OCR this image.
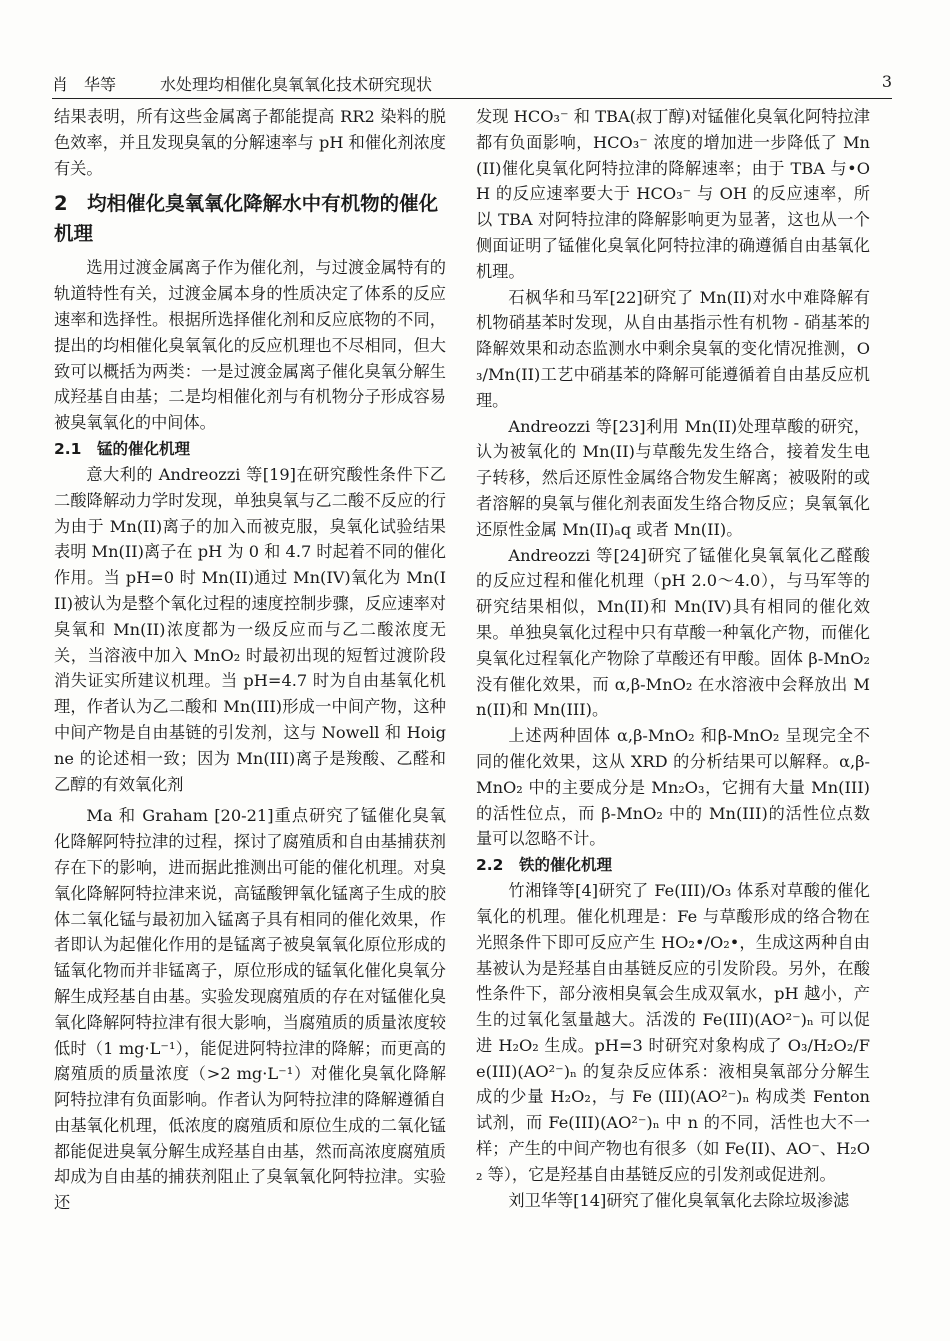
肖　华等	水处理均相催化臭氧氧化技术研究现状	3

结果表明，所有这些金属离子都能提高 RR2 染料的脱色效率，并且发现臭氧的分解速率与 pH 和催化剂浓度有关。

2　均相催化臭氧氧化降解水中有机物的催化机理

选用过渡金属离子作为催化剂，与过渡金属特有的轨道特性有关，过渡金属本身的性质决定了体系的反应速率和选择性。根据所选择催化剂和反应底物的不同，提出的均相催化臭氧氧化的反应机理也不尽相同，但大致可以概括为两类：一是过渡金属离子催化臭氧分解生成羟基自由基；二是均相催化剂与有机物分子形成容易被臭氧氧化的中间体。

2.1　锰的催化机理

意大利的 Andreozzi 等[19]在研究酸性条件下乙二酸降解动力学时发现，单独臭氧与乙二酸不反应的行为由于 Mn(II)离子的加入而被克服，臭氧化试验结果表明 Mn(II)离子在 pH 为 0 和 4.7 时起着不同的催化作用。当 pH=0 时 Mn(II)通过 Mn(IV)氧化为 Mn(III)被认为是整个氧化过程的速度控制步骤，反应速率对臭氧和 Mn(II)浓度都为一级反应而与乙二酸浓度无关，当溶液中加入 MnO₂ 时最初出现的短暂过渡阶段消失证实所建议机理。当 pH=4.7 时为自由基氧化机理，作者认为乙二酸和 Mn(III)形成一中间产物，这种中间产物是自由基链的引发剂，这与 Nowell 和 Hoigne 的论述相一致；因为 Mn(III)离子是羧酸、乙醛和乙醇的有效氧化剂

Ma 和 Graham [20-21]重点研究了锰催化臭氧化降解阿特拉津的过程，探讨了腐殖质和自由基捕获剂存在下的影响，进而据此推测出可能的催化机理。对臭氧化降解阿特拉津来说，高锰酸钾氧化锰离子生成的胶体二氧化锰与最初加入锰离子具有相同的催化效果，作者即认为起催化作用的是锰离子被臭氧氧化原位形成的锰氧化物而并非锰离子，原位形成的锰氧化催化臭氧分解生成羟基自由基。实验发现腐殖质的存在对锰催化臭氧化降解阿特拉津有很大影响，当腐殖质的质量浓度较低时（1 mg·L⁻¹），能促进阿特拉津的降解；而更高的腐殖质的质量浓度（>2 mg·L⁻¹）对催化臭氧化降解阿特拉津有负面影响。作者认为阿特拉津的降解遵循自由基氧化机理，低浓度的腐殖质和原位生成的二氧化锰都能促进臭氧分解生成羟基自由基，然而高浓度腐殖质却成为自由基的捕获剂阻止了臭氧氧化阿特拉津。实验还

发现 HCO₃⁻ 和 TBA(叔丁醇)对锰催化臭氧化阿特拉津都有负面影响，HCO₃⁻ 浓度的增加进一步降低了 Mn(II)催化臭氧化阿特拉津的降解速率；由于 TBA 与•OH 的反应速率要大于 HCO₃⁻ 与 OH 的反应速率，所以 TBA 对阿特拉津的降解影响更为显著，这也从一个侧面证明了锰催化臭氧化阿特拉津的确遵循自由基氧化机理。

石枫华和马军[22]研究了 Mn(II)对水中难降解有机物硝基苯时发现，从自由基指示性有机物 - 硝基苯的降解效果和动态监测水中剩余臭氧的变化情况推测，O₃/Mn(II)工艺中硝基苯的降解可能遵循着自由基反应机理。

Andreozzi 等[23]利用 Mn(II)处理草酸的研究，认为被氧化的 Mn(II)与草酸先发生络合，接着发生电子转移，然后还原性金属络合物发生解离；被吸附的或者溶解的臭氧与催化剂表面发生络合物反应；臭氧氧化还原性金属 Mn(II)ₐq 或者 Mn(II)。

Andreozzi 等[24]研究了锰催化臭氧氧化乙醛酸的反应过程和催化机理（pH 2.0～4.0），与马军等的研究结果相似，Mn(II)和 Mn(IV)具有相同的催化效果。单独臭氧化过程中只有草酸一种氧化产物，而催化臭氧化过程氧化产物除了草酸还有甲酸。固体 β-MnO₂ 没有催化效果，而 α,β-MnO₂ 在水溶液中会释放出 Mn(II)和 Mn(III)。

上述两种固体 α,β-MnO₂ 和β-MnO₂ 呈现完全不同的催化效果，这从 XRD 的分析结果可以解释。α,β-MnO₂ 中的主要成分是 Mn₂O₃，它拥有大量 Mn(III)的活性位点，而 β-MnO₂ 中的 Mn(III)的活性位点数量可以忽略不计。

2.2　铁的催化机理

竹湘锋等[4]研究了 Fe(III)/O₃ 体系对草酸的催化氧化的机理。催化机理是：Fe 与草酸形成的络合物在光照条件下即可反应产生 HO₂•/O₂•，生成这两种自由基被认为是羟基自由基链反应的引发阶段。另外，在酸性条件下，部分液相臭氧会生成双氧水，pH 越小，产生的过氧化氢量越大。活泼的 Fe(III)(AO²⁻)ₙ 可以促进 H₂O₂ 生成。pH=3 时研究对象构成了 O₃/H₂O₂/Fe(III)(AO²⁻)ₙ 的复杂反应体系：液相臭氧部分分解生成的少量 H₂O₂，与 Fe (III)(AO²⁻)ₙ 构成类 Fenton 试剂，而 Fe(III)(AO²⁻)ₙ 中 n 的不同，活性也大不一样；产生的中间产物也有很多（如 Fe(II)、AO⁻、H₂O₂ 等），它是羟基自由基链反应的引发剂或促进剂。

刘卫华等[14]研究了催化臭氧氧化去除垃圾渗滤
